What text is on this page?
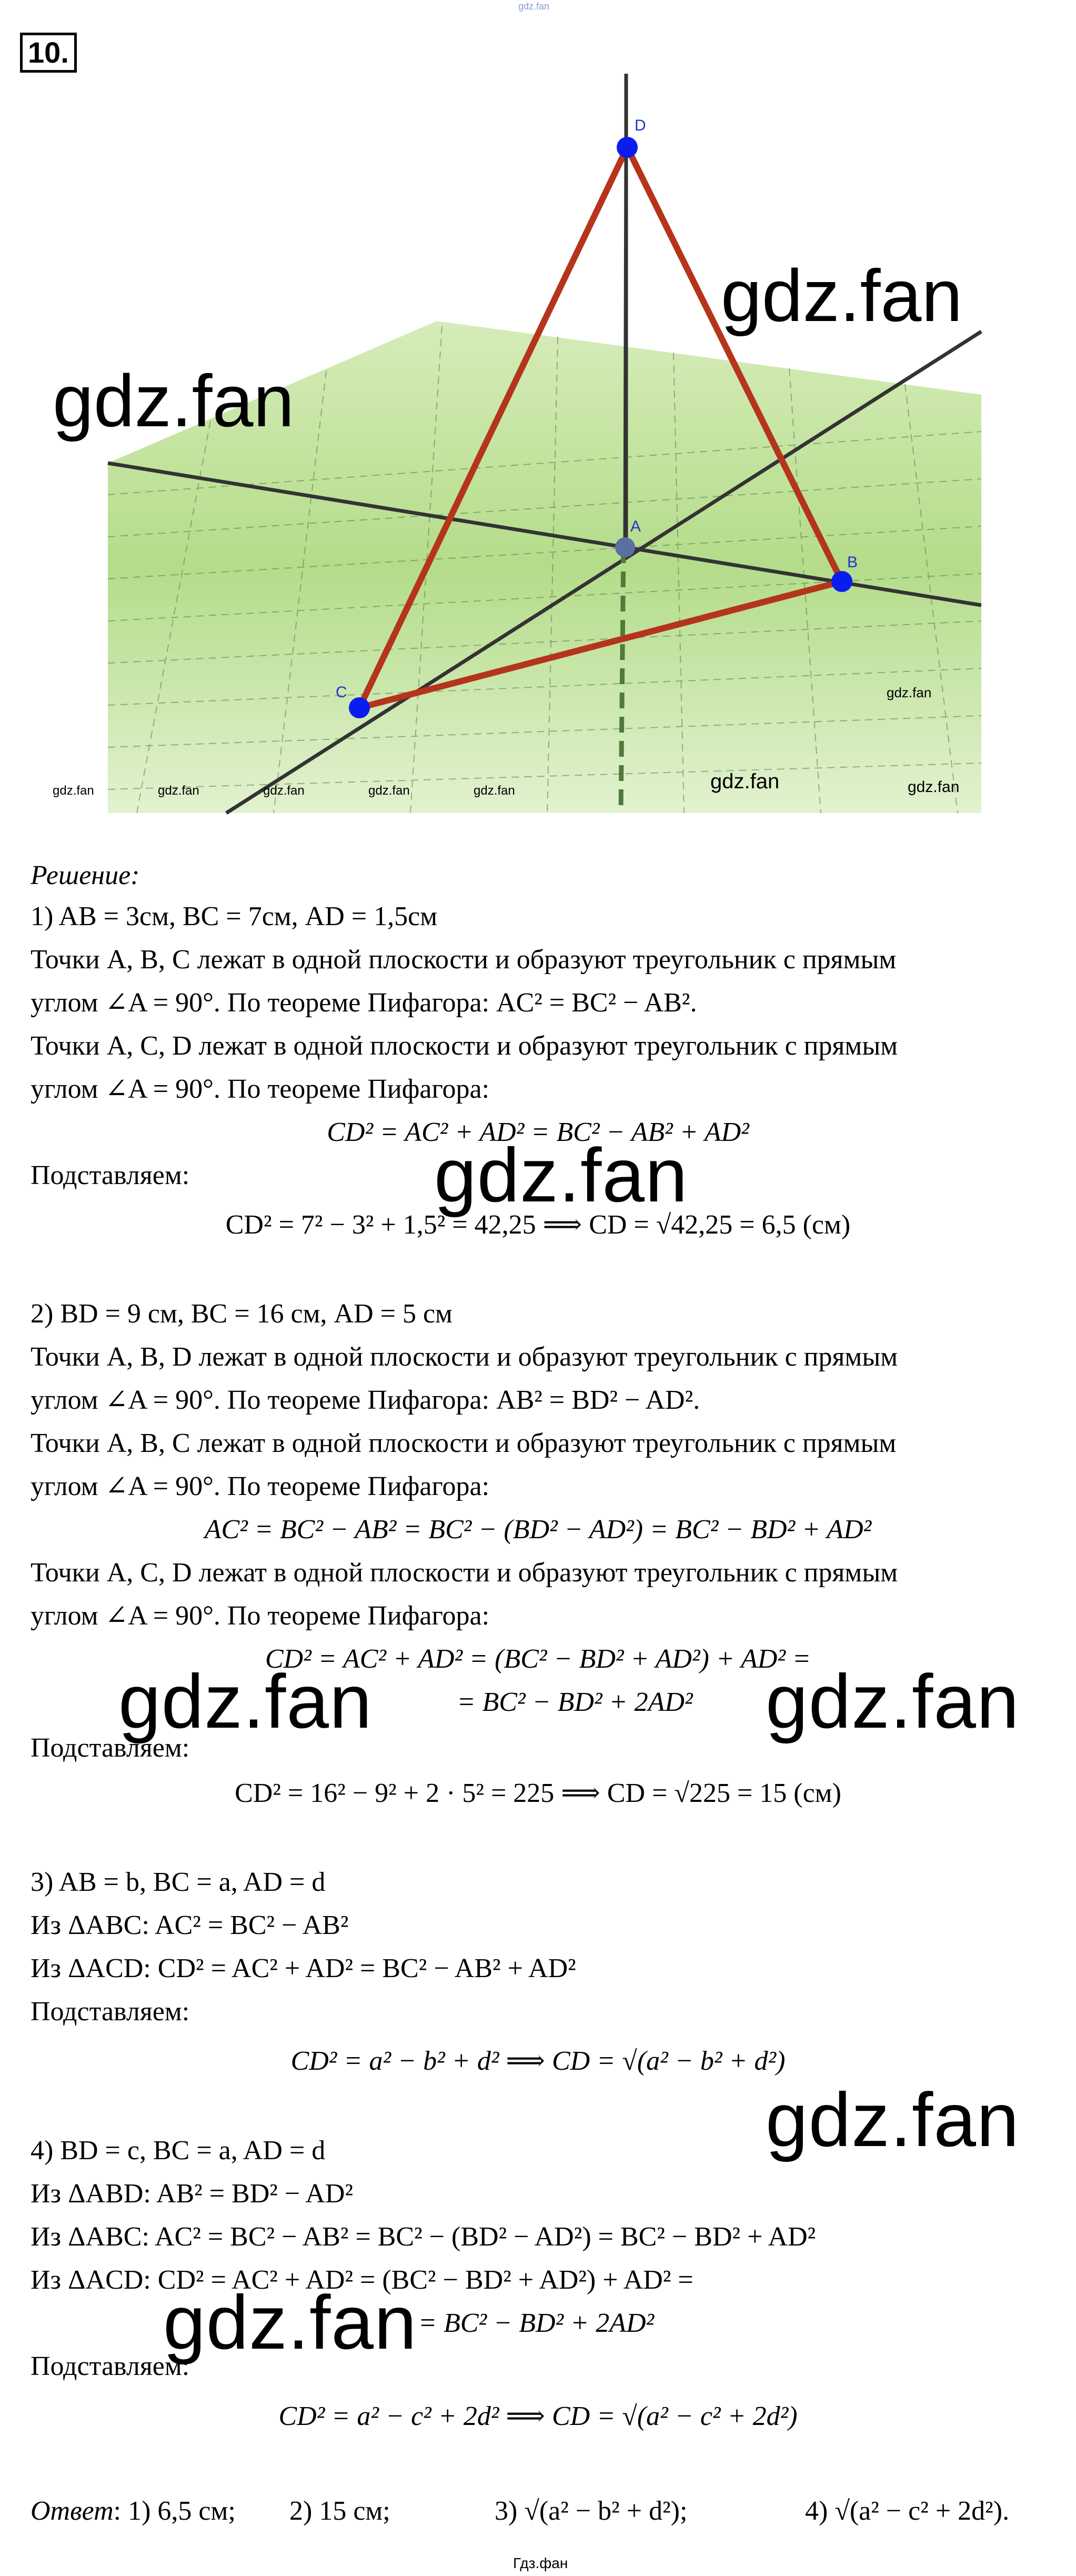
gdz.fan
10.
D
A
B
C
gdz.fan
gdz.fan
gdz.fan	gdz.fan	gdz.fan	gdz.fan	gdz.fan	gdz.fan	gdz.fan
gdz.fan
Решение:
1) AB = 3см, BC = 7см, AD = 1,5см
Точки A, B, C лежат в одной плоскости и образуют треугольник с прямым
углом ∠A = 90°. По теореме Пифагора: AC² = BC² − AB².
Точки A, C, D лежат в одной плоскости и образуют треугольник с прямым
углом ∠A = 90°. По теореме Пифагора:
CD² = AC² + AD² = BC² − AB² + AD²
Подставляем:	gdz.fan
CD² = 7² − 3² + 1,5² = 42,25 ⟹ CD = √42,25 = 6,5 (см)
2) BD = 9 см, BC = 16 см, AD = 5 см
Точки A, B, D лежат в одной плоскости и образуют треугольник с прямым
углом ∠A = 90°. По теореме Пифагора: AB² = BD² − AD².
Точки A, B, C лежат в одной плоскости и образуют треугольник с прямым
углом ∠A = 90°. По теореме Пифагора:
AC² = BC² − AB² = BC² − (BD² − AD²) = BC² − BD² + AD²
Точки A, C, D лежат в одной плоскости и образуют треугольник с прямым
углом ∠A = 90°. По теореме Пифагора:
CD² = AC² + AD² = (BC² − BD² + AD²) + AD² =
= BC² − BD² + 2AD²
gdz.fan	gdz.fan
Подставляем:
CD² = 16² − 9² + 2 · 5² = 225 ⟹ CD = √225 = 15 (см)
3) AB = b, BC = a, AD = d
Из ΔABC: AC² = BC² − AB²
Из ΔACD: CD² = AC² + AD² = BC² − AB² + AD²
Подставляем:
CD² = a² − b² + d² ⟹ CD = √(a² − b² + d²)
gdz.fan
4) BD = c, BC = a, AD = d
Из ΔABD: AB² = BD² − AD²
Из ΔABC: AC² = BC² − AB² = BC² − (BD² − AD²) = BC² − BD² + AD²
Из ΔACD: CD² = AC² + AD² = (BC² − BD² + AD²) + AD² =
= BC² − BD² + 2AD²
gdz.fan
Подставляем:
CD² = a² − c² + 2d² ⟹ CD = √(a² − c² + 2d²)
Ответ: 1) 6,5 см; 2) 15 см;	3) √(a² − b² + d²);	4) √(a² − c² + 2d²).
Гдз.фан
